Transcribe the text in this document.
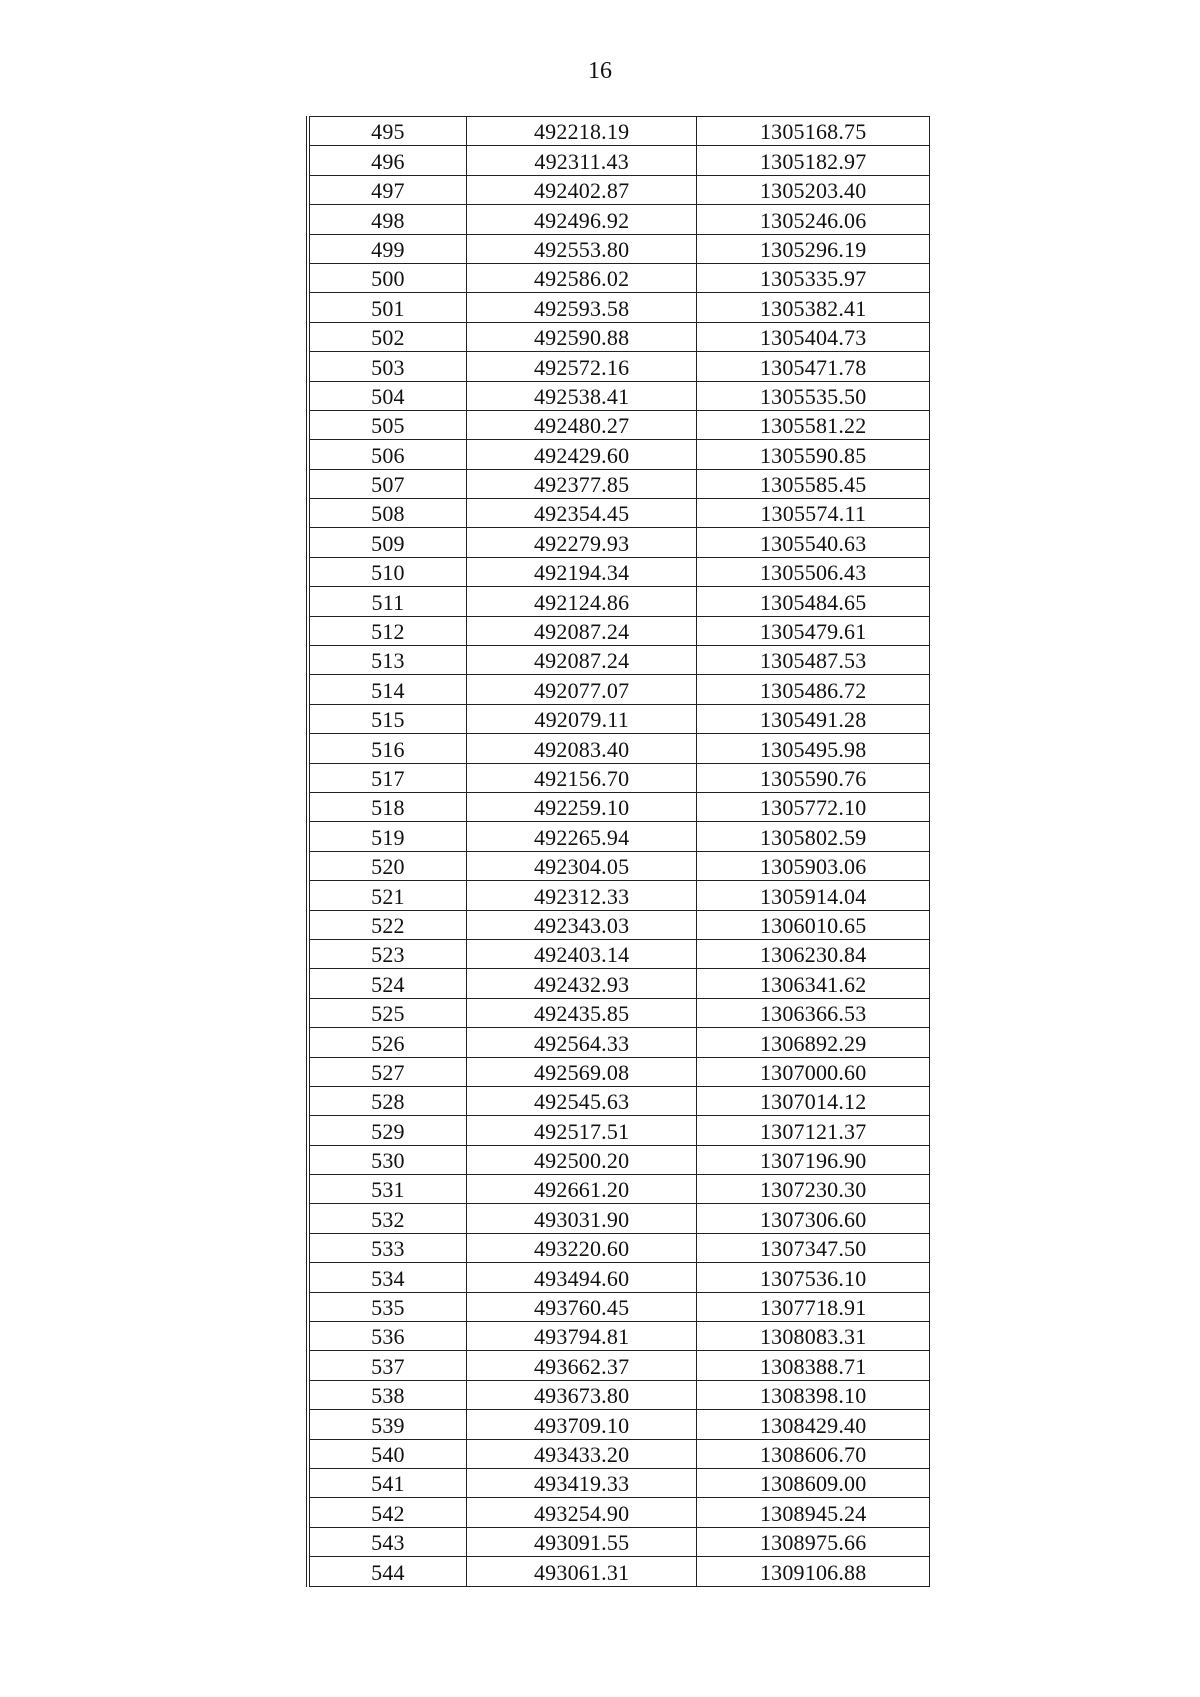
16
495	492218.19	1305168.75
496	492311.43	1305182.97
497	492402.87	1305203.40
498	492496.92	1305246.06
499	492553.80	1305296.19
500	492586.02	1305335.97
501	492593.58	1305382.41
502	492590.88	1305404.73
503	492572.16	1305471.78
504	492538.41	1305535.50
505	492480.27	1305581.22
506	492429.60	1305590.85
507	492377.85	1305585.45
508	492354.45	1305574.11
509	492279.93	1305540.63
510	492194.34	1305506.43
511	492124.86	1305484.65
512	492087.24	1305479.61
513	492087.24	1305487.53
514	492077.07	1305486.72
515	492079.11	1305491.28
516	492083.40	1305495.98
517	492156.70	1305590.76
518	492259.10	1305772.10
519	492265.94	1305802.59
520	492304.05	1305903.06
521	492312.33	1305914.04
522	492343.03	1306010.65
523	492403.14	1306230.84
524	492432.93	1306341.62
525	492435.85	1306366.53
526	492564.33	1306892.29
527	492569.08	1307000.60
528	492545.63	1307014.12
529	492517.51	1307121.37
530	492500.20	1307196.90
531	492661.20	1307230.30
532	493031.90	1307306.60
533	493220.60	1307347.50
534	493494.60	1307536.10
535	493760.45	1307718.91
536	493794.81	1308083.31
537	493662.37	1308388.71
538	493673.80	1308398.10
539	493709.10	1308429.40
540	493433.20	1308606.70
541	493419.33	1308609.00
542	493254.90	1308945.24
543	493091.55	1308975.66
544	493061.31	1309106.88
